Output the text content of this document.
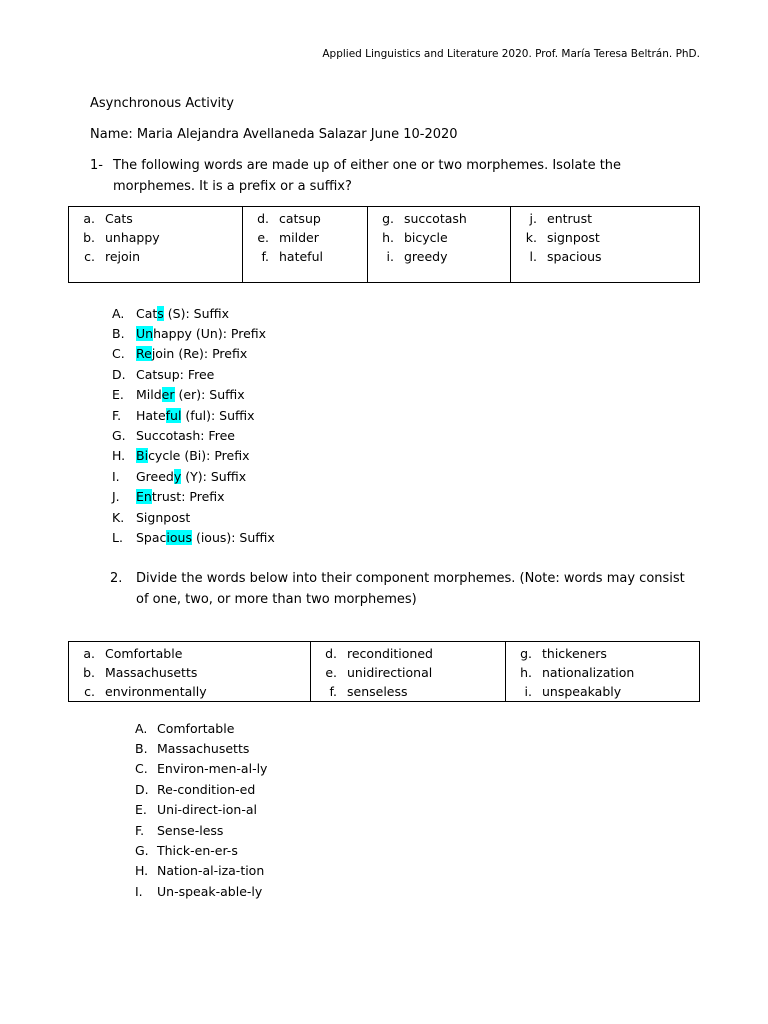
Applied Linguistics and Literature 2020. Prof. María Teresa Beltrán. PhD.
Asynchronous Activity
Name: Maria Alejandra Avellaneda Salazar June 10-2020
1- The following words are made up of either one or two morphemes. Isolate the morphemes. It is a prefix or a suffix?
a. Cats
b. unhappy
c. rejoin

d. catsup
e. milder
f. hateful

g. succotash
h. bicycle
i. greedy

j. entrust
k. signpost
l. spacious
A. Cats (S): Suffix
B. Unhappy (Un): Prefix
C. Rejoin (Re): Prefix
D. Catsup: Free
E. Milder (er): Suffix
F.	Hateful (ful): Suffix
G. Succotash: Free
H. Bicycle (Bi): Prefix
I.	Greedy (Y): Suffix
J.	Entrust: Prefix
K. Signpost
L.	Spacious (ious): Suffix
2. Divide the words below into their component morphemes. (Note: words may consist of one, two, or more than two morphemes)
a. Comfortable
b. Massachusetts
c. environmentally

d. reconditioned
e. unidirectional
f. senseless

g. thickeners
h. nationalization
i. unspeakably
A. Comfortable
B. Massachusetts
C. Environ-men-al-ly
D. Re-condition-ed
E. Uni-direct-ion-al
F.	Sense-less
G. Thick-en-er-s
H. Nation-al-iza-tion
I.	Un-speak-able-ly
